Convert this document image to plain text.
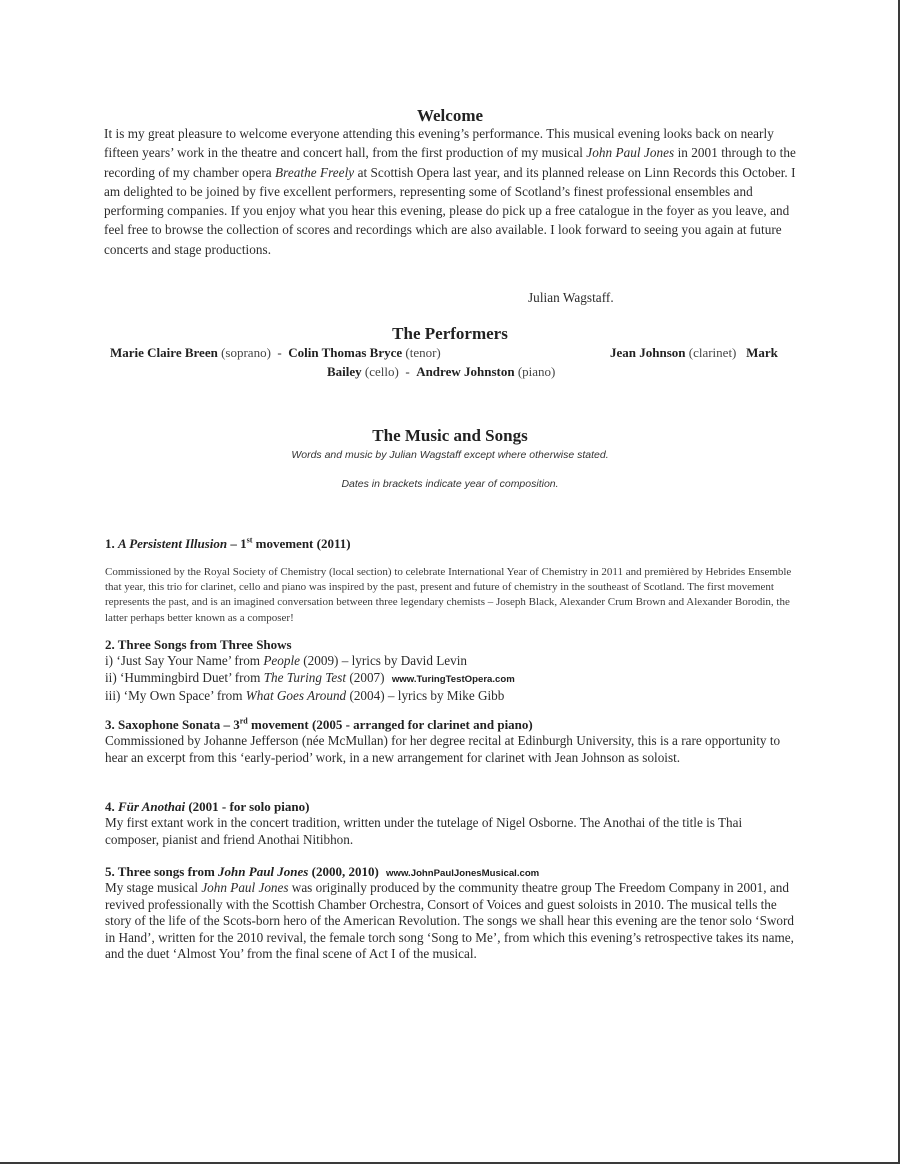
Welcome
It is my great pleasure to welcome everyone attending this evening’s performance. This musical evening looks back on nearly fifteen years’ work in the theatre and concert hall, from the first production of my musical John Paul Jones in 2001 through to the recording of my chamber opera Breathe Freely at Scottish Opera last year, and its planned release on Linn Records this October. I am delighted to be joined by five excellent performers, representing some of Scotland’s finest professional ensembles and performing companies. If you enjoy what you hear this evening, please do pick up a free catalogue in the foyer as you leave, and feel free to browse the collection of scores and recordings which are also available. I look forward to seeing you again at future concerts and stage productions.
Julian Wagstaff.
The Performers
Marie Claire Breen (soprano) - Colin Thomas Bryce (tenor)	Jean Johnson (clarinet) Mark
Bailey (cello) - Andrew Johnston (piano)
The Music and Songs
Words and music by Julian Wagstaff except where otherwise stated.
Dates in brackets indicate year of composition.
1. A Persistent Illusion – 1st movement (2011)
Commissioned by the Royal Society of Chemistry (local section) to celebrate International Year of Chemistry in 2011 and premièred by Hebrides Ensemble that year, this trio for clarinet, cello and piano was inspired by the past, present and future of chemistry in the southeast of Scotland. The first movement represents the past, and is an imagined conversation between three legendary chemists – Joseph Black, Alexander Crum Brown and Alexander Borodin, the latter perhaps better known as a composer!
2. Three Songs from Three Shows
i) ‘Just Say Your Name’ from People (2009) – lyrics by David Levin
ii) ‘Hummingbird Duet’ from The Turing Test (2007) www.TuringTestOpera.com
iii) ‘My Own Space’ from What Goes Around (2004) – lyrics by Mike Gibb
3. Saxophone Sonata – 3rd movement (2005 - arranged for clarinet and piano)
Commissioned by Johanne Jefferson (née McMullan) for her degree recital at Edinburgh University, this is a rare opportunity to hear an excerpt from this ‘early-period’ work, in a new arrangement for clarinet with Jean Johnson as soloist.
4. Für Anothai (2001 - for solo piano)
My first extant work in the concert tradition, written under the tutelage of Nigel Osborne. The Anothai of the title is Thai composer, pianist and friend Anothai Nitibhon.
5. Three songs from John Paul Jones (2000, 2010) www.JohnPaulJonesMusical.com
My stage musical John Paul Jones was originally produced by the community theatre group The Freedom Company in 2001, and revived professionally with the Scottish Chamber Orchestra, Consort of Voices and guest soloists in 2010. The musical tells the story of the life of the Scots-born hero of the American Revolution. The songs we shall hear this evening are the tenor solo ‘Sword in Hand’, written for the 2010 revival, the female torch song ‘Song to Me’, from which this evening’s retrospective takes its name, and the duet ‘Almost You’ from the final scene of Act I of the musical.
